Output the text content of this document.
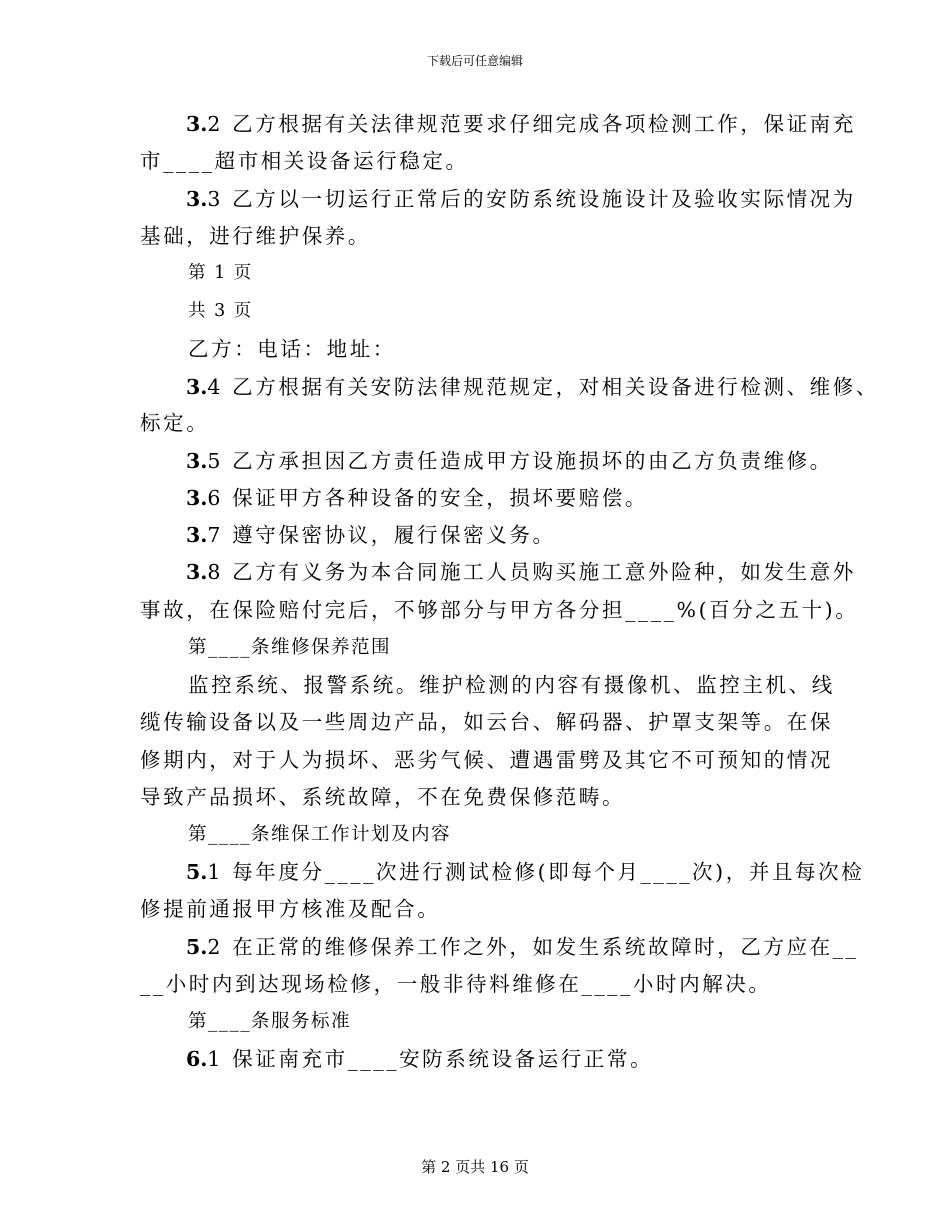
下载后可任意编辑
3.2 乙方根据有关法律规范要求仔细完成各项检测工作，保证南充
市____超市相关设备运行稳定。
3.3 乙方以一切运行正常后的安防系统设施设计及验收实际情况为
基础，进行维护保养。
第 1 页
共 3 页
乙方：电话：地址：
3.4 乙方根据有关安防法律规范规定，对相关设备进行检测、维修、
标定。
3.5 乙方承担因乙方责任造成甲方设施损坏的由乙方负责维修。
3.6 保证甲方各种设备的安全，损坏要赔偿。
3.7 遵守保密协议，履行保密义务。
3.8 乙方有义务为本合同施工人员购买施工意外险种，如发生意外
事故，在保险赔付完后，不够部分与甲方各分担____%(百分之五十)。
第____条维修保养范围
监控系统、报警系统。维护检测的内容有摄像机、监控主机、线
缆传输设备以及一些周边产品，如云台、解码器、护罩支架等。在保
修期内，对于人为损坏、恶劣气候、遭遇雷劈及其它不可预知的情况
导致产品损坏、系统故障，不在免费保修范畴。
第____条维保工作计划及内容
5.1 每年度分____次进行测试检修(即每个月____次)，并且每次检
修提前通报甲方核准及配合。
5.2 在正常的维修保养工作之外，如发生系统故障时，乙方应在__
__小时内到达现场检修，一般非待料维修在____小时内解决。
第____条服务标准
6.1 保证南充市____安防系统设备运行正常。
第 2 页共 16 页
